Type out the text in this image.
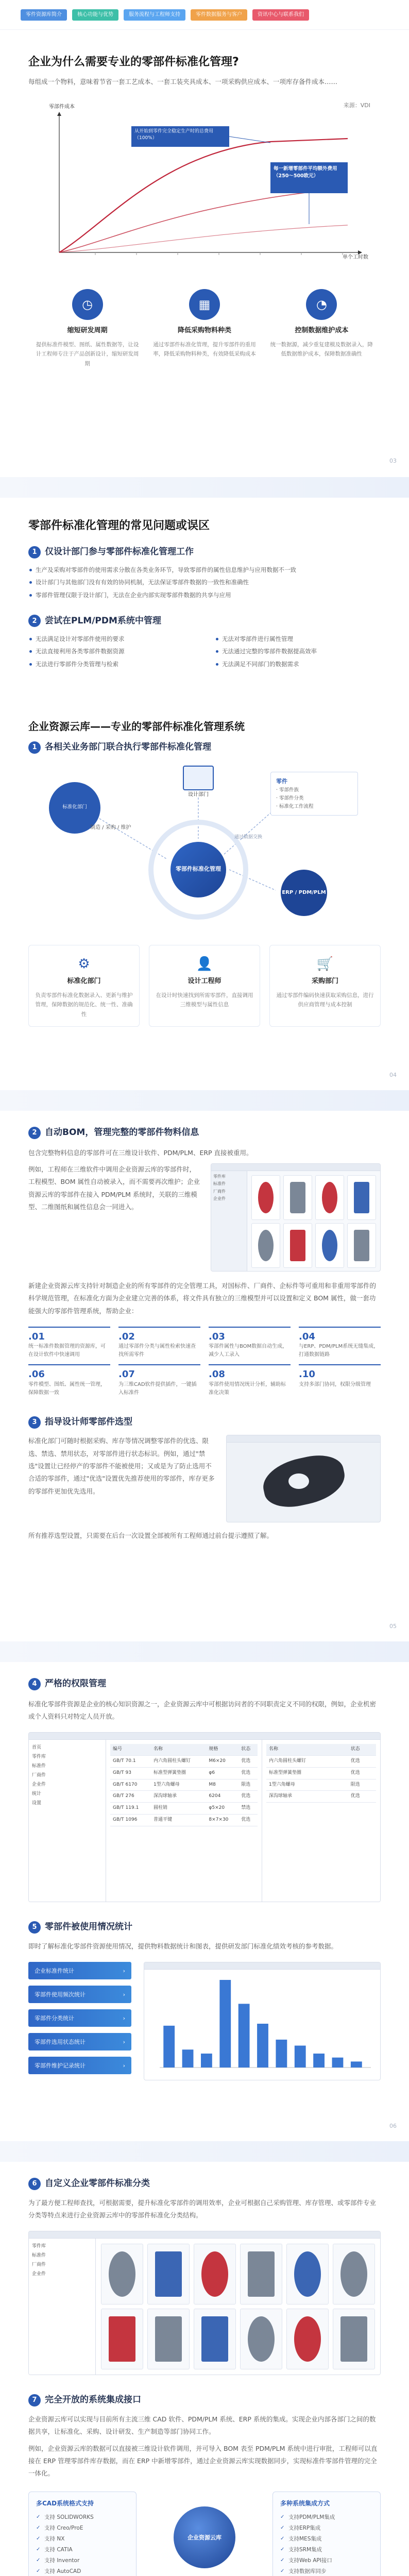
零件资源库简介	核心功能与优势	服务流程与工程师支持	零件数据服务与客户	资讯中心与联系我们
企业为什么需要专业的零部件标准化管理?
每组成一个物料，意味着节省一套工艺成本、一套工装夹具成本、一项采购供应成本、一项库存备件成本……
来源：VDI
零部件成本
从开始到零件完全稳定生产时的总费用（100%）
每一新增零部件平均额外费用
（250～500欧元）
单个工时数
◷
缩短研发周期
提供标准件模型、图纸、属性数据等，让设计工程师专注于产品创新设计，缩短研发周期
▦
降低采购物料种类
通过零部件标准化管理，提升零部件的重用率，降低采购物料种类，有效降低采购成本
◔
控制数据维护成本
统一数据源，减少重复建模及数据录入，降低数据维护成本，保障数据准确性
03
零部件标准化管理的常见问题或误区
1 仅设计部门参与零部件标准化管理工作
生产及采购对零部件的使用需求分散在各类业务环节，导致零部件的属性信息维护与应用数据不一致
设计部门与其他部门没有有效的协同机制，无法保证零部件数据的一致性和准确性
零部件管理仅限于设计部门，无法在企业内部实现零部件数据的共享与应用
2 尝试在PLM/PDM系统中管理
无法满足设计对零部件使用的要求
无法直接利用各类零部件数据资源
无法进行零部件分类管理与检索
无法对零部件进行属性管理
无法通过完整的零部件数据提高效率
无法满足不同部门的数据需求
企业资源云库——专业的零部件标准化管理系统
1 各相关业务部门联合执行零部件标准化管理
标准化部门
零部件标准化管理
设计部门
制造 / 采购 / 维护
零件
· 零部件族
· 零部件分类
· 标准化工作流程
ERP / PDM/PLM
通过数据交换
⚙
标准化部门
负责零部件标准化数据录入、更新与维护管理，保障数据的规范化、统一性、准确性
👤
设计工程师
在设计时快速找到所需零部件，直接调用三维模型与属性信息
🛒
采购部门
通过零部件编码快速获取采购信息，进行供应商管理与成本控制
04
2 自动BOM，管理完整的零部件物料信息
包含完整物料信息的零部件可在三维设计软件、PDM/PLM、ERP 直接被重用。
例如，工程师在三维软件中调用企业资源云库的零部件时，工程模型、BOM 属性自动被录入，而不需要再次维护；企业资源云库的零部件在接入 PDM/PLM 系统时，关联的三维模型、二维图纸和属性信息会一同进入。
零件库
标准件
厂商件
企业件
新建企业资源云库支持针对制造企业的所有零部件的完全管理工具，对国标件、厂商件、企标件等可重用和非重用零部件的科学规范管理，在标准化方面为企业建立完善的体系，将文件具有独立的三维模型并可以设置和定义 BOM 属性，做一套功能强大的零部件管理系统，帮助企业：
.01
统一标准件数据管理的资源库，可在设计软件中快速调用
.02
通过零部件分类与属性检索快速查找所需零件
.03
零部件属性与BOM数据自动生成，减少人工录入
.04
与ERP、PDM/PLM系统无缝集成，打通数据链路
.06
零件模型、图纸、属性统一管理，保障数据一致
.07
为三维CAD软件提供插件，一键插入标准件
.08
零部件使用情况统计分析，辅助标准化决策
.10
支持多部门协同，权限分级管理
3 指导设计师零部件选型
标准化部门可随时根据采购、库存等情况调整零部件的优选、限选、禁选、禁用状态，对零部件进行状态标识。例如，通过"禁选"设置让已经停产的零部件不能被使用；又或是为了防止选用不合适的零部件，通过"优选"设置优先推荐使用的零部件，库存更多的零部件更加优先选用。
所有推荐选型设置，只需要在后台一次设置全部被所有工程师通过前台提示遵照了解。
05
4 严格的权限管理
标准化零部件资源是企业的核心知识资源之一，企业资源云库中可根据访问者的不同职责定义不同的权限，例如，企业机密或个人资料只对特定人员开放。
首页
零件库
标准件
厂商件
企业件
统计
设置
编号	名称	规格	状态
GB/T 70.1	内六角圆柱头螺钉	M6×20	优选
GB/T 93	标准型弹簧垫圈	φ6	优选
GB/T 6170	1型六角螺母	M8	限选
GB/T 276	深沟球轴承	6204	优选
GB/T 119.1	圆柱销	φ5×20	禁选
GB/T 1096	普通平键	8×7×30	优选
名称	状态
内六角圆柱头螺钉	优选
标准型弹簧垫圈	优选
1型六角螺母	限选
深沟球轴承	优选
5 零部件被使用情况统计
即时了解标准化零部件资源使用情况，提供物料数据统计和图表，提供研发部门标准化绩效考核的参考数据。
企业标准件统计	›
零部件使用频次统计	›
零部件分类统计	›
零部件选用状态统计	›
零部件维护记录统计	›
06
6 自定义企业零部件标准分类
为了最方便工程师查找，可根据需要，提升标准化零部件的调用效率，企业可根据自己采购管理、库存管理、或零部件专业分类等特点来进行企业资源云库中的零部件标准化分类结构。
零件库
标准件
厂商件
企业件
7 完全开放的系统集成接口
企业资源云库可以实现与目前所有主流三维 CAD 软件、PDM/PLM 系统、ERP 系统的集成。实现企业内部各部门之间的数据共享，让标准化、采购、设计研发、生产制造等部门协同工作。
例如，企业资源云库的数据可以直接被三维设计软件调用，并可导入 BOM 表至 PDM/PLM 系统中进行审批，工程师可以直接在 ERP 管理零部件库存数据，而在 ERP 中新增零部件，通过企业资源云库实现数据同步，实现标准件零部件管理的完全一体化。
多CAD系统格式支持
✓ 支持 SOLIDWORKS
✓ 支持 Creo/ProE
✓ 支持 NX
✓ 支持 CATIA
✓ 支持 Inventor
✓ 支持 AutoCAD
企业资源云库
多种系统集成方式
✓ 支持PDM/PLM集成
✓ 支持ERP集成
✓ 支持MES集成
✓ 支持SRM集成
✓ 支持Web API接口
✓ 支持数据库同步
